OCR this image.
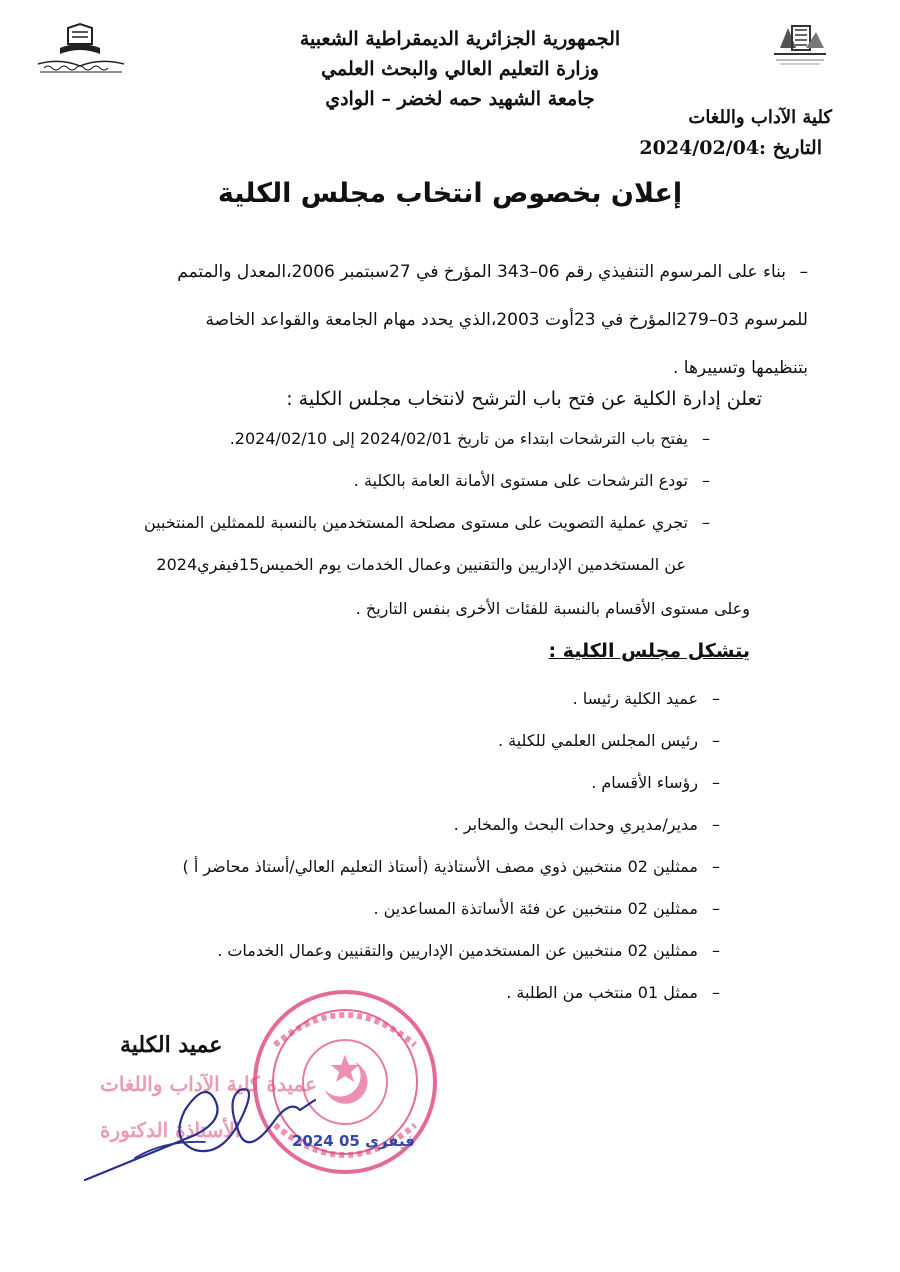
الجمهورية الجزائرية الديمقراطية الشعبية
وزارة التعليم العالي والبحث العلمي
جامعة الشهيد حمه لخضر – الوادي
كلية الآداب واللغات
التاريخ :2024/02/04
إعلان بخصوص انتخاب مجلس الكلية
–بناء على المرسوم التنفيذي رقم 06–343 المؤرخ في 27سبتمبر 2006،المعدل والمتمم
للمرسوم 03–279المؤرخ في 23أوت 2003،الذي يحدد مهام الجامعة والقواعد الخاصة
بتنظيمها وتسييرها .
تعلن إدارة الكلية عن فتح باب الترشح لانتخاب مجلس الكلية :
–يفتح باب الترشحات ابتداء من تاريخ 2024/02/01 إلى 2024/02/10.
–تودع الترشحات على مستوى الأمانة العامة بالكلية .
–تجري عملية التصويت على مستوى مصلحة المستخدمين بالنسبة للممثلين المنتخبين
عن المستخدمين الإداريين والتقنيين وعمال الخدمات يوم الخميس15فيفري2024
وعلى مستوى الأقسام بالنسبة للفئات الأخرى بنفس التاريخ .
يتشكل مجلس الكلية :
–عميد الكلية رئيسا .
–رئيس المجلس العلمي للكلية .
–رؤساء الأقسام .
–مدير/مديري وحدات البحث والمخابر .
–ممثلين 02 منتخبين ذوي مصف الأستاذية (أستاذ التعليم العالي/أستاذ محاضر أ )
–ممثلين 02 منتخبين عن فئة الأساتذة المساعدين .
–ممثلين 02 منتخبين عن المستخدمين الإداريين والتقنيين وعمال الخدمات .
–ممثل 01 منتخب من الطلبة .
عميدة كلية الآداب واللغات
الأستاذة الدكتورة
عميد الكلية
2024 فيفري 05
